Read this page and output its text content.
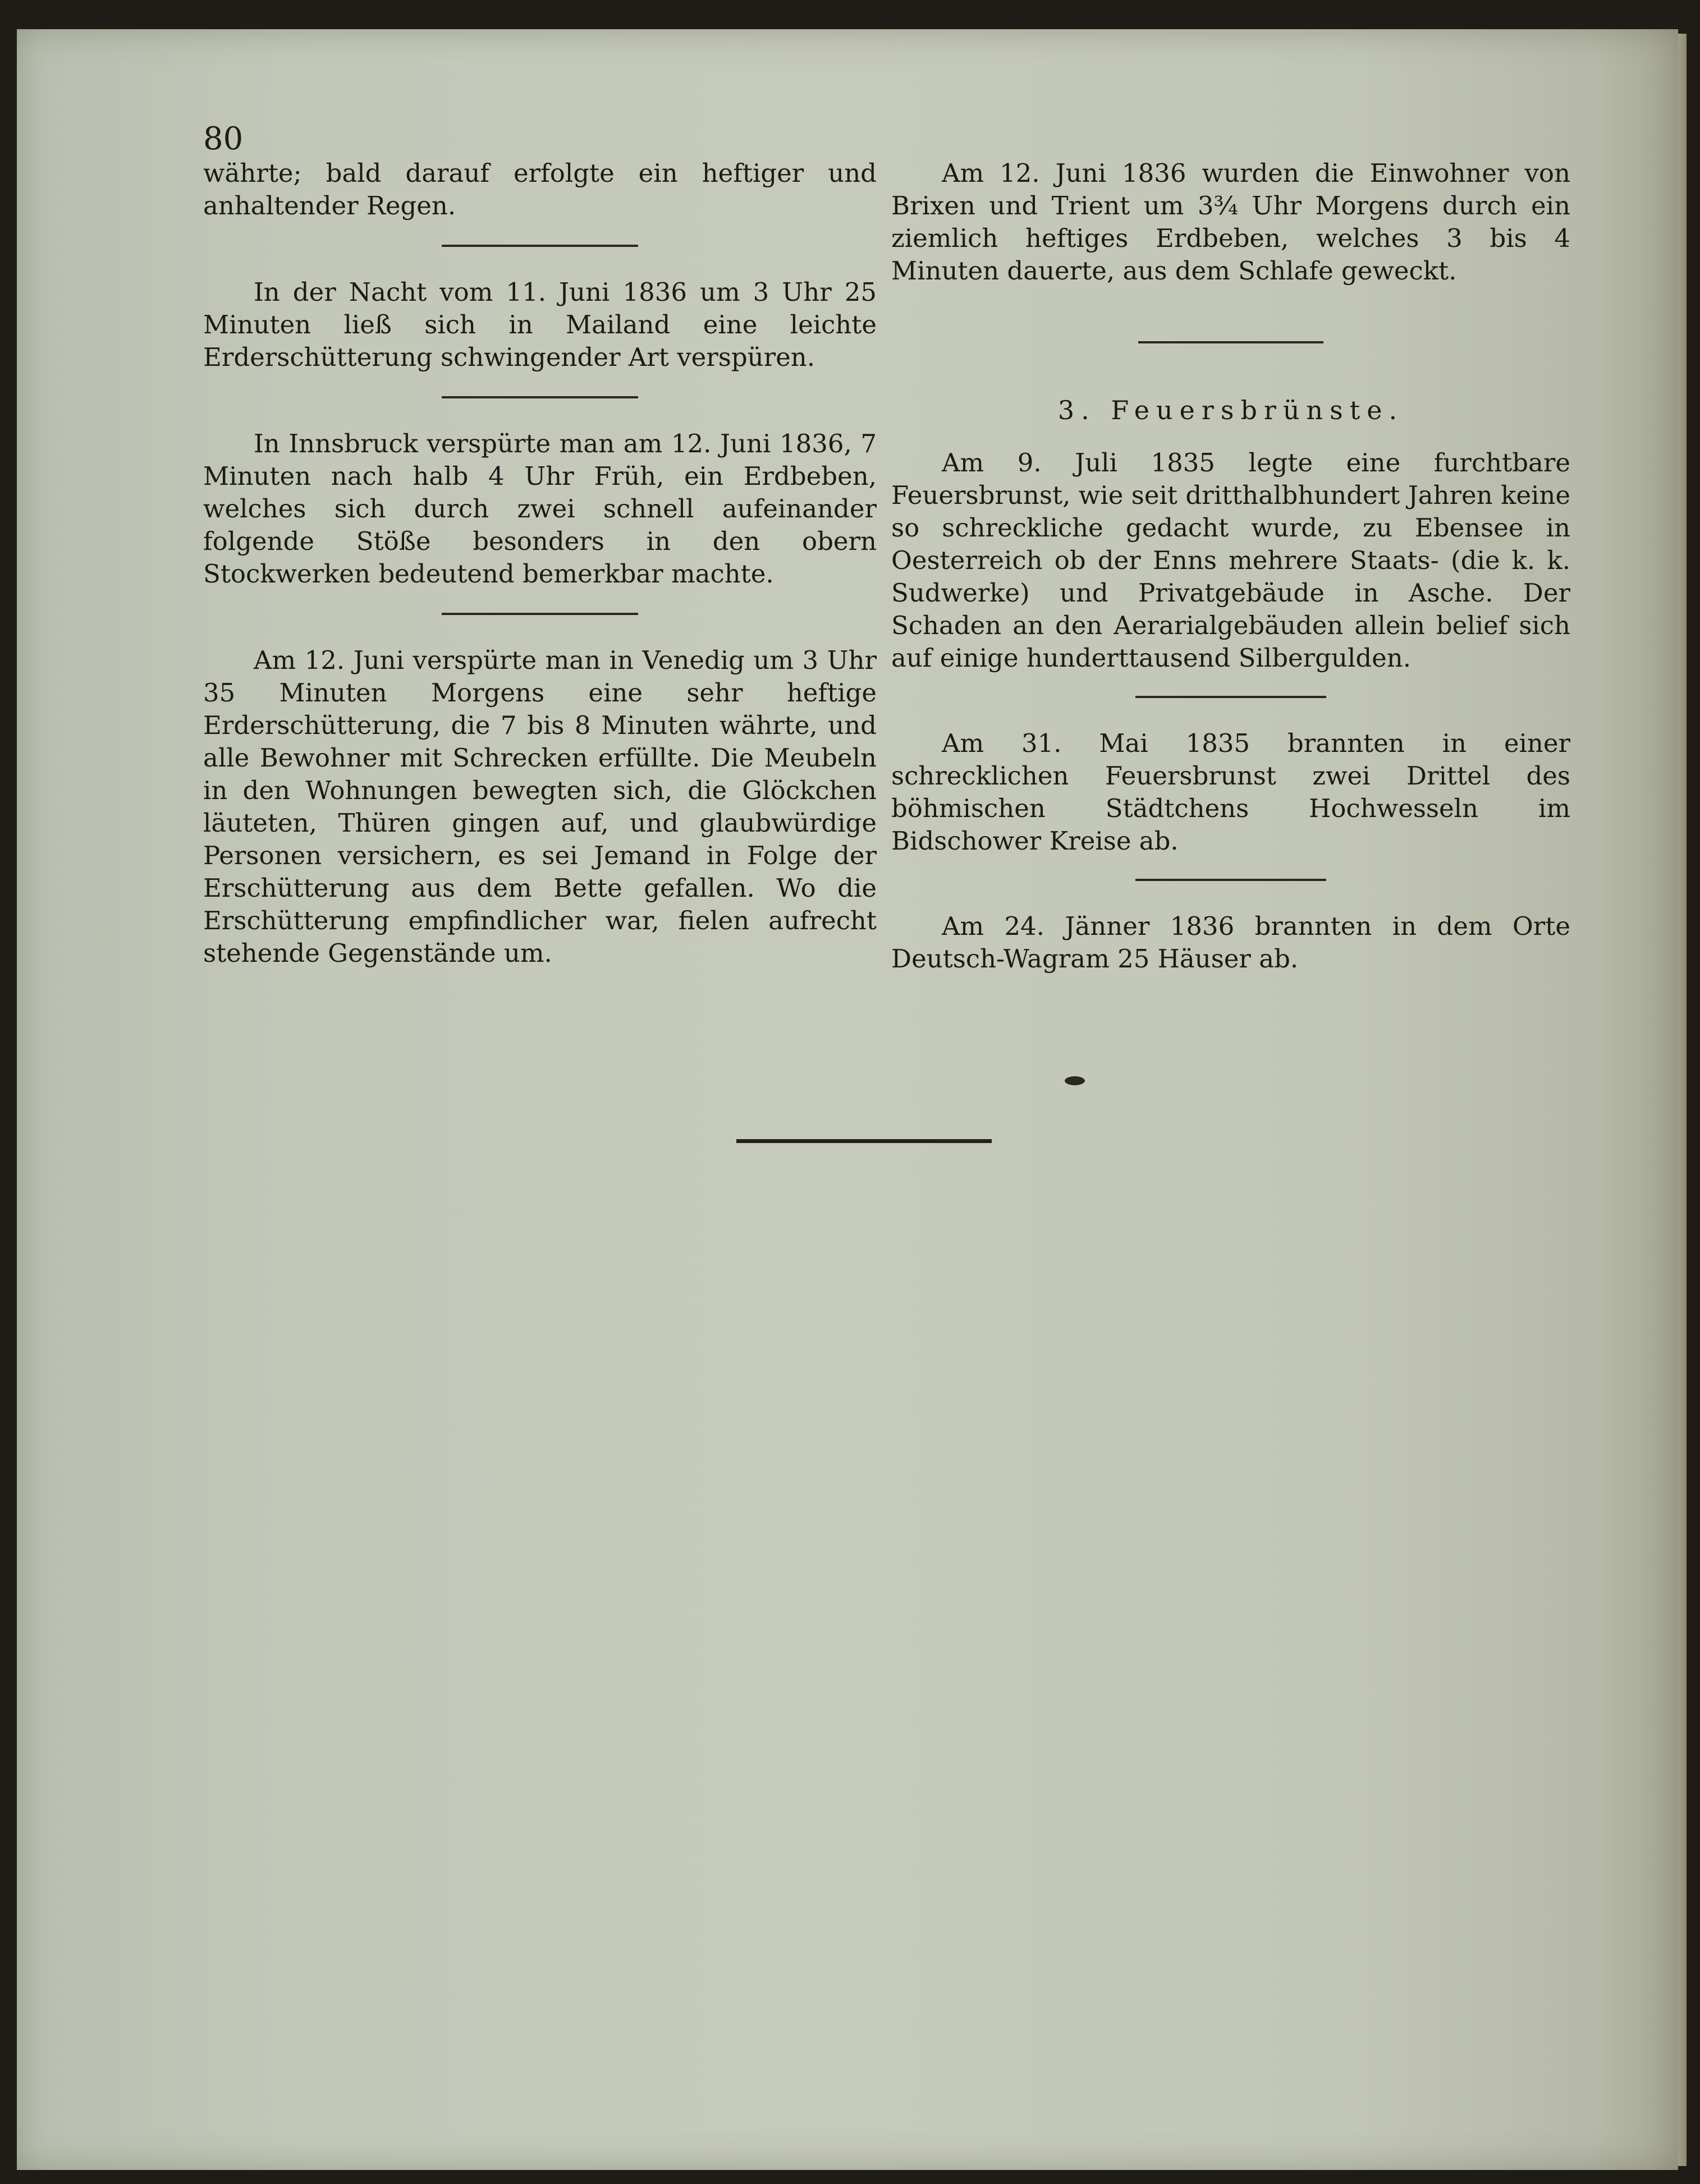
80

währte; bald darauf erfolgte ein heftiger und anhaltender Regen.

In der Nacht vom 11. Juni 1836 um 3 Uhr 25 Minuten ließ sich in Mailand eine leichte Erderschütterung schwingender Art verspüren.

In Innsbruck verspürte man am 12. Juni 1836, 7 Minuten nach halb 4 Uhr Früh, ein Erdbeben, welches sich durch zwei schnell aufeinander folgende Stöße besonders in den obern Stockwerken bedeutend bemerkbar machte.

Am 12. Juni verspürte man in Venedig um 3 Uhr 35 Minuten Morgens eine sehr heftige Erderschütterung, die 7 bis 8 Minuten währte, und alle Bewohner mit Schrecken erfüllte. Die Meubeln in den Wohnungen bewegten sich, die Glöckchen läuteten, Thüren gingen auf, und glaubwürdige Personen versichern, es sei Jemand in Folge der Erschütterung aus dem Bette gefallen. Wo die Erschütterung empfindlicher war, fielen aufrecht stehende Gegenstände um.

Am 12. Juni 1836 wurden die Einwohner von Brixen und Trient um 3¾ Uhr Morgens durch ein ziemlich heftiges Erdbeben, welches 3 bis 4 Minuten dauerte, aus dem Schlafe geweckt.

3. Feuersbrünste.

Am 9. Juli 1835 legte eine furchtbare Feuersbrunst, wie seit dritthalbhundert Jahren keine so schreckliche gedacht wurde, zu Ebensee in Oesterreich ob der Enns mehrere Staats- (die k. k. Sudwerke) und Privatgebäude in Asche. Der Schaden an den Aerarialgebäuden allein belief sich auf einige hunderttausend Silbergulden.

Am 31. Mai 1835 brannten in einer schrecklichen Feuersbrunst zwei Drittel des böhmischen Städtchens Hochwesseln im Bidschower Kreise ab.

Am 24. Jänner 1836 brannten in dem Orte Deutsch-Wagram 25 Häuser ab.
